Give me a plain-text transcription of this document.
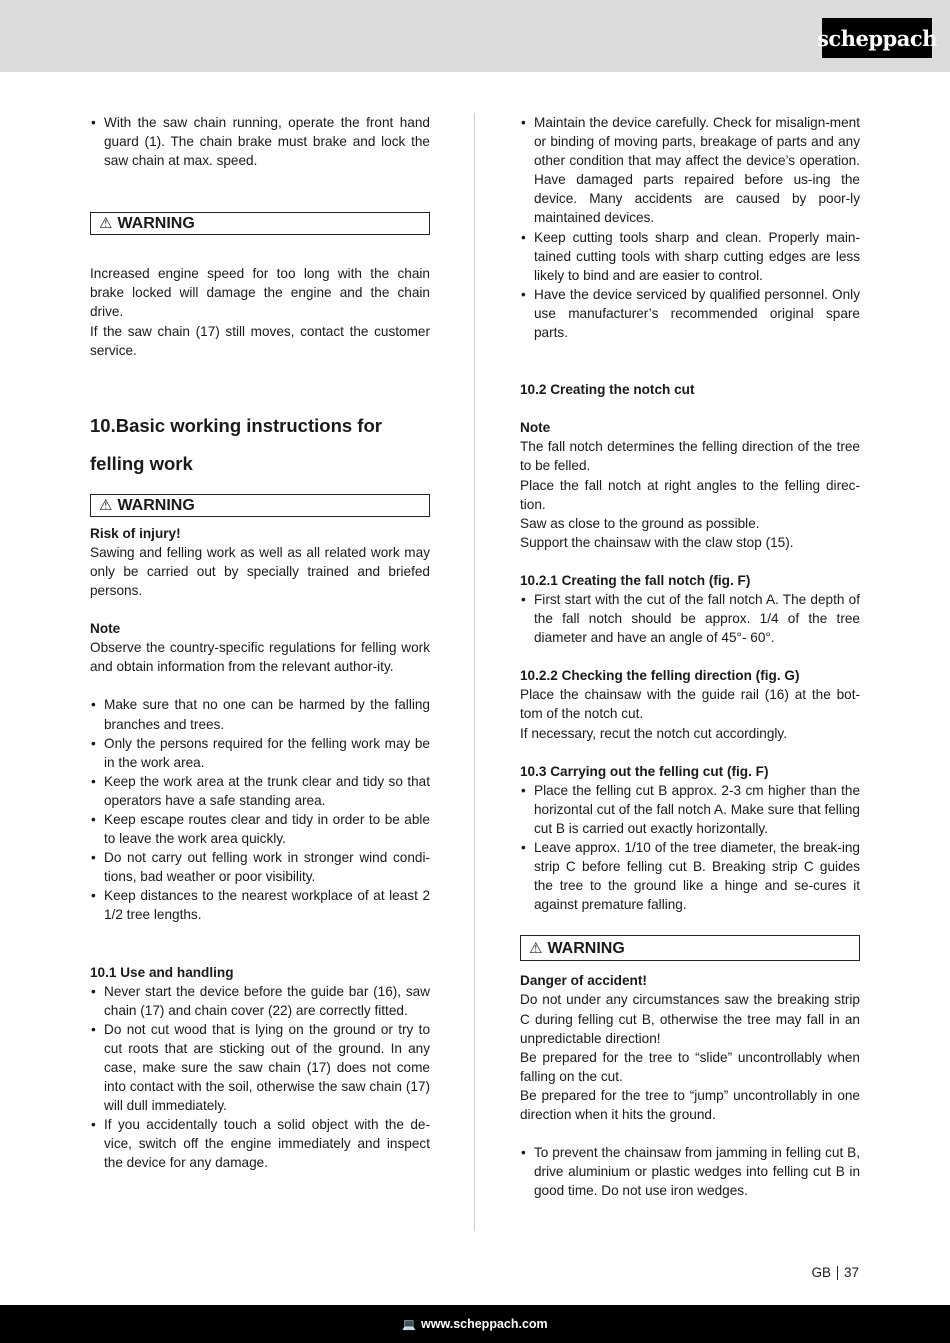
scheppach
• With the saw chain running, operate the front hand guard (1). The chain brake must brake and lock the saw chain at max. speed.
⚠ WARNING

Increased engine speed for too long with the chain brake locked will damage the engine and the chain drive.

If the saw chain (17) still moves, contact the customer service.

10.Basic working instructions for
felling work
⚠ WARNING

Risk of injury!

Sawing and felling work as well as all related work may only be carried out by specially trained and briefed persons.

Note

Observe the country-specific regulations for felling work and obtain information from the relevant author-ity.

• Make sure that no one can be harmed by the falling branches and trees.
• Only the persons required for the felling work may be in the work area.
• Keep the work area at the trunk clear and tidy so that operators have a safe standing area.
• Keep escape routes clear and tidy in order to be able to leave the work area quickly.
• Do not carry out felling work in stronger wind condi-tions, bad weather or poor visibility.
• Keep distances to the nearest workplace of at least 2 1/2 tree lengths.

10.1 Use and handling

• Never start the device before the guide bar (16), saw chain (17) and chain cover (22) are correctly fitted.
• Do not cut wood that is lying on the ground or try to cut roots that are sticking out of the ground. In any case, make sure the saw chain (17) does not come into contact with the soil, otherwise the saw chain (17) will dull immediately.
• If you accidentally touch a solid object with the de-vice, switch off the engine immediately and inspect the device for any damage.
• Maintain the device carefully. Check for misalign-ment or binding of moving parts, breakage of parts and any other condition that may affect the device’s operation. Have damaged parts repaired before us-ing the device. Many accidents are caused by poor-ly maintained devices.
• Keep cutting tools sharp and clean. Properly main-tained cutting tools with sharp cutting edges are less likely to bind and are easier to control.
• Have the device serviced by qualified personnel. Only use manufacturer’s recommended original spare parts.

10.2 Creating the notch cut

Note

The fall notch determines the felling direction of the tree to be felled.

Place the fall notch at right angles to the felling direc-tion.

Saw as close to the ground as possible.

Support the chainsaw with the claw stop (15).

10.2.1 Creating the fall notch (fig. F)

• First start with the cut of the fall notch A. The depth of the fall notch should be approx. 1/4 of the tree diameter and have an angle of 45°- 60°.

10.2.2 Checking the felling direction (fig. G)

Place the chainsaw with the guide rail (16) at the bot-tom of the notch cut.

If necessary, recut the notch cut accordingly.

10.3 Carrying out the felling cut (fig. F)

• Place the felling cut B approx. 2-3 cm higher than the horizontal cut of the fall notch A. Make sure that felling cut B is carried out exactly horizontally.
• Leave approx. 1/10 of the tree diameter, the break-ing strip C before felling cut B. Breaking strip C guides the tree to the ground like a hinge and se-cures it against premature falling.
⚠ WARNING

Danger of accident!

Do not under any circumstances saw the breaking strip C during felling cut B, otherwise the tree may fall in an unpredictable direction!

Be prepared for the tree to “slide” uncontrollably when falling on the cut.

Be prepared for the tree to “jump” uncontrollably in one direction when it hits the ground.

• To prevent the chainsaw from jamming in felling cut B, drive aluminium or plastic wedges into felling cut B in good time. Do not use iron wedges.
GB 37
💻 www.scheppach.com
